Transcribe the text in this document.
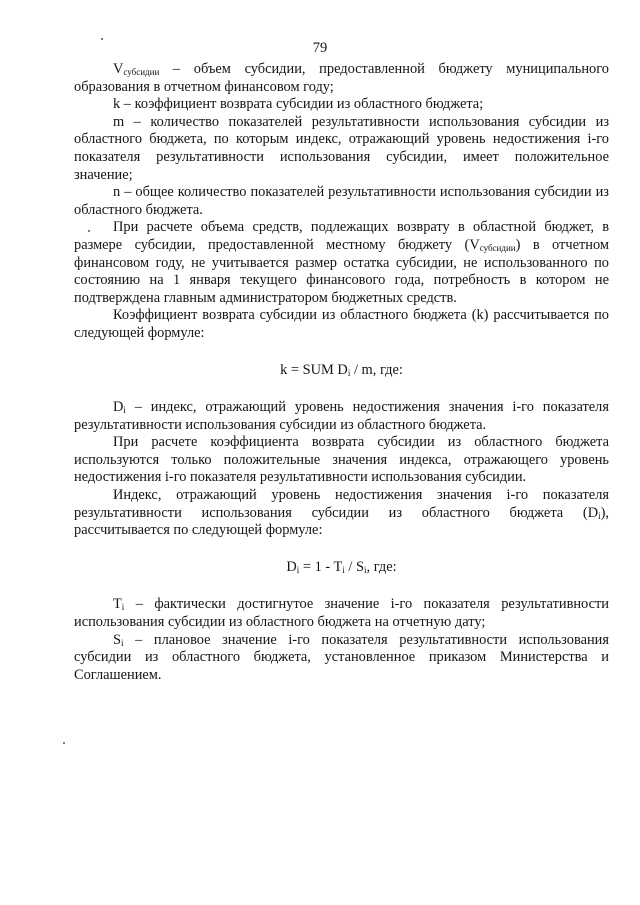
79

$V_{субсидии}$ – объем субсидии, предоставленной бюджету муниципального образования в отчетном финансовом году;

k – коэффициент возврата субсидии из областного бюджета;

m – количество показателей результативности использования субсидии из областного бюджета, по которым индекс, отражающий уровень недостижения i-го показателя результативности использования субсидии, имеет положительное значение;

n – общее количество показателей результативности использования субсидии из областного бюджета.

При расчете объема средств, подлежащих возврату в областной бюджет, в размере субсидии, предоставленной местному бюджету $(V_{субсидии})$ в отчетном финансовом году, не учитывается размер остатка субсидии, не использованного по состоянию на 1 января текущего финансового года, потребность в котором не подтверждена главным администратором бюджетных средств.

Коэффициент возврата субсидии из областного бюджета (k) рассчитывается по следующей формуле:

k = SUM $D_i$ / m, где:

$D_i$ – индекс, отражающий уровень недостижения значения i-го показателя результативности использования субсидии из областного бюджета.

При расчете коэффициента возврата субсидии из областного бюджета используются только положительные значения индекса, отражающего уровень недостижения i-го показателя результативности использования субсидии.

Индекс, отражающий уровень недостижения значения i-го показателя результативности использования субсидии из областного бюджета $(D_i)$, рассчитывается по следующей формуле:

$D_i = 1 - T_i / S_i$, где:

$T_i$ – фактически достигнутое значение i-го показателя результативности использования субсидии из областного бюджета на отчетную дату;

$S_i$ – плановое значение i-го показателя результативности использования субсидии из областного бюджета, установленное приказом Министерства и Соглашением.
